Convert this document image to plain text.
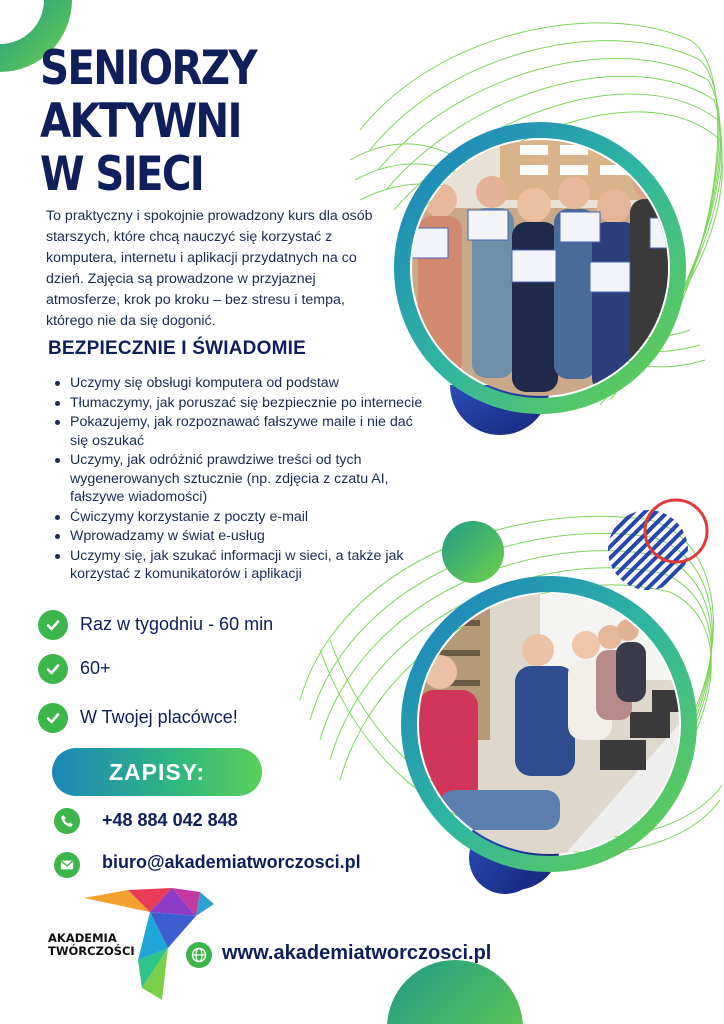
SENIORZY
AKTYWNI
W SIECI

To praktyczny i spokojnie prowadzony kurs dla osób starszych, które chcą nauczyć się korzystać z komputera, internetu i aplikacji przydatnych na co dzień. Zajęcia są prowadzone w przyjaznej atmosferze, krok po kroku – bez stresu i tempa, którego nie da się dogonić.

BEZPIECZNIE I ŚWIADOMIE
Uczymy się obsługi komputera od podstaw
Tłumaczymy, jak poruszać się bezpiecznie po internecie
Pokazujemy, jak rozpoznawać fałszywe maile i nie dać się oszukać
Uczymy, jak odróżnić prawdziwe treści od tych wygenerowanych sztucznie (np. zdjęcia z czatu AI, fałszywe wiadomości)
Ćwiczymy korzystanie z poczty e-mail
Wprowadzamy w świat e-usług
Uczymy się, jak szukać informacji w sieci, a także jak korzystać z komunikatorów i aplikacji
Raz w tygodniu - 60 min
60+
W Twojej placówce!
ZAPISY:
+48 884 042 848
biuro@akademiatworczosci.pl
AKADEMIA
TWÓRCZOŚCI	www.akademiatworczosci.pl
